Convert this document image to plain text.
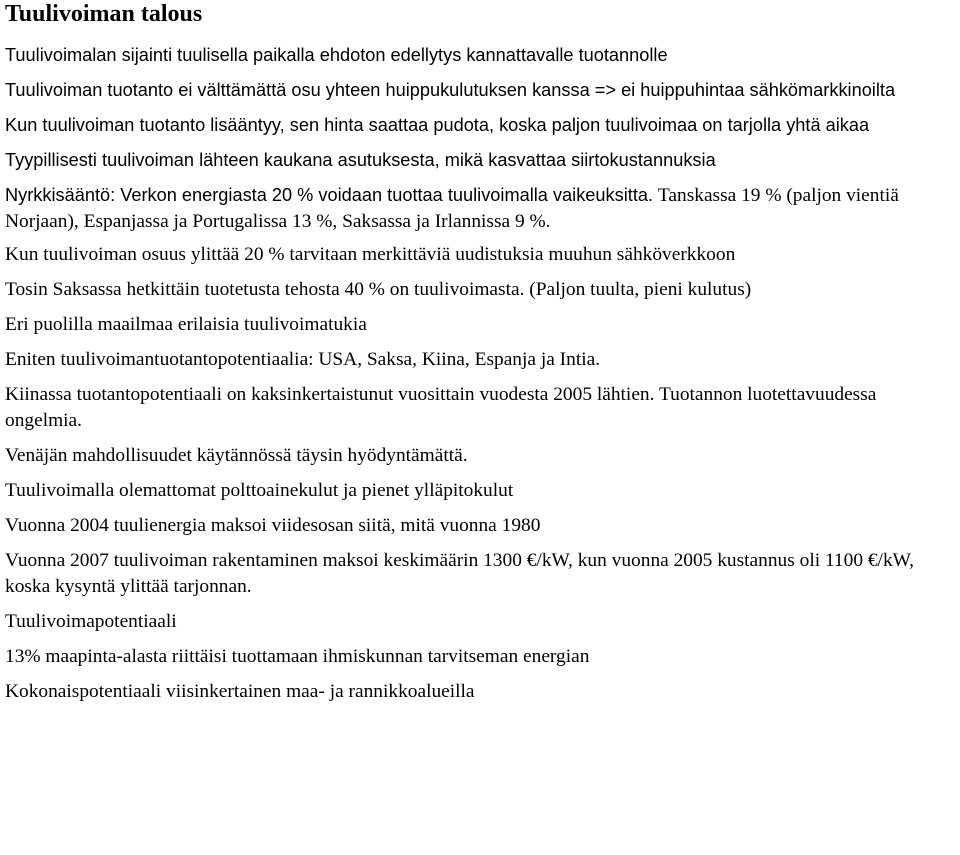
Tuulivoiman talous

Tuulivoimalan sijainti tuulisella paikalla ehdoton edellytys kannattavalle tuotannolle

Tuulivoiman tuotanto ei välttämättä osu yhteen huippukulutuksen kanssa => ei huippuhintaa sähkömarkkinoilta

Kun tuulivoiman tuotanto lisääntyy, sen hinta saattaa pudota, koska paljon tuulivoimaa on tarjolla yhtä aikaa

Tyypillisesti tuulivoiman lähteen kaukana asutuksesta, mikä kasvattaa siirtokustannuksia

Nyrkkisääntö: Verkon energiasta 20 % voidaan tuottaa tuulivoimalla vaikeuksitta. Tanskassa 19 % (paljon vientiä Norjaan), Espanjassa ja Portugalissa 13 %, Saksassa ja Irlannissa 9 %.

Kun tuulivoiman osuus ylittää 20 % tarvitaan merkittäviä uudistuksia muuhun sähköverkkoon

Tosin Saksassa hetkittäin tuotetusta tehosta 40 % on tuulivoimasta. (Paljon tuulta, pieni kulutus)

Eri puolilla maailmaa erilaisia tuulivoimatukia

Eniten tuulivoimantuotantopotentiaalia: USA, Saksa, Kiina, Espanja ja Intia.

Kiinassa tuotantopotentiaali on kaksinkertaistunut vuosittain vuodesta 2005 lähtien. Tuotannon luotettavuudessa ongelmia.

Venäjän mahdollisuudet käytännössä täysin hyödyntämättä.

Tuulivoimalla olemattomat polttoainekulut ja pienet ylläpitokulut

Vuonna 2004 tuulienergia maksoi viidesosan siitä, mitä vuonna 1980

Vuonna 2007 tuulivoiman rakentaminen maksoi keskimäärin 1300 €/kW, kun vuonna 2005 kustannus oli 1100 €/kW, koska kysyntä ylittää tarjonnan.

Tuulivoimapotentiaali

13% maapinta-alasta riittäisi tuottamaan ihmiskunnan tarvitseman energian

Kokonaispotentiaali viisinkertainen maa- ja rannikkoalueilla
